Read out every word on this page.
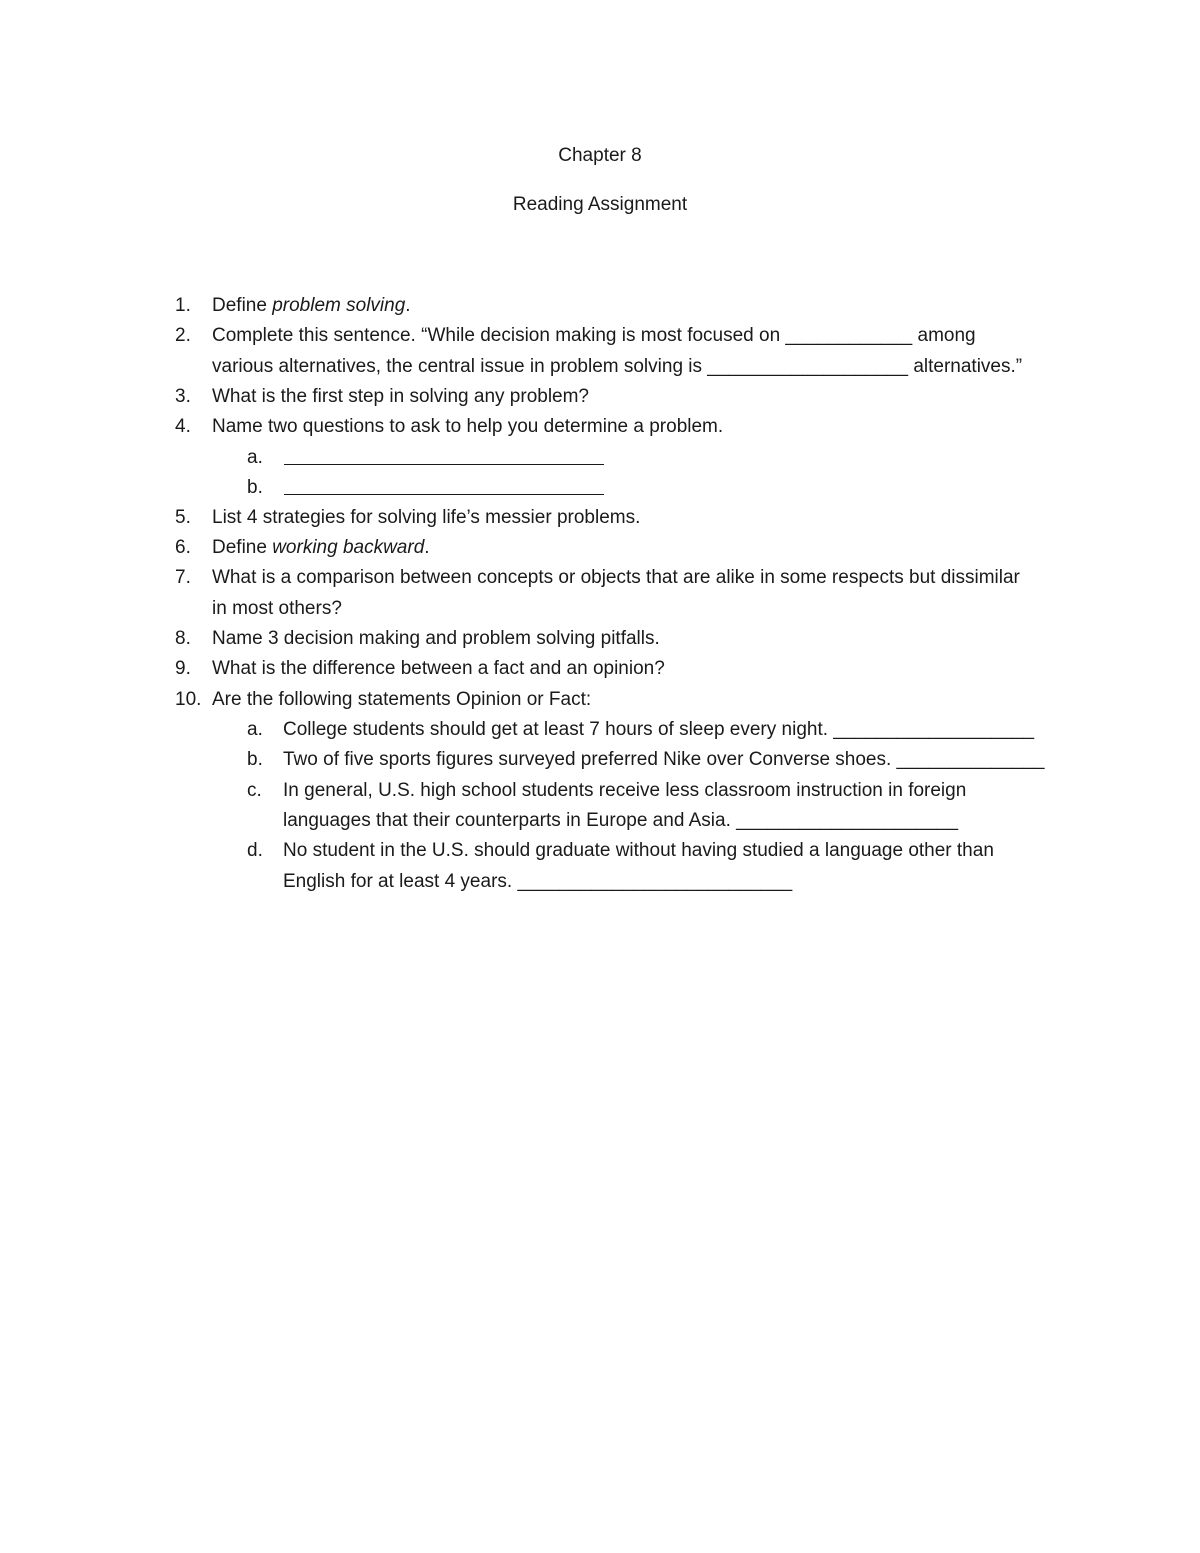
Chapter 8
Reading Assignment
1. Define problem solving.
2. Complete this sentence. “While decision making is most focused on ____________ among
various alternatives, the central issue in problem solving is ___________________ alternatives.”
3. What is the first step in solving any problem?
4. Name two questions to ask to help you determine a problem.
a.
b.
5. List 4 strategies for solving life’s messier problems.
6. Define working backward.
7. What is a comparison between concepts or objects that are alike in some respects but dissimilar
in most others?
8. Name 3 decision making and problem solving pitfalls.
9. What is the difference between a fact and an opinion?
10. Are the following statements Opinion or Fact:
a. College students should get at least 7 hours of sleep every night. ___________________
b. Two of five sports figures surveyed preferred Nike over Converse shoes. ______________
c. In general, U.S. high school students receive less classroom instruction in foreign
languages that their counterparts in Europe and Asia. _____________________
d. No student in the U.S. should graduate without having studied a language other than
English for at least 4 years. __________________________
